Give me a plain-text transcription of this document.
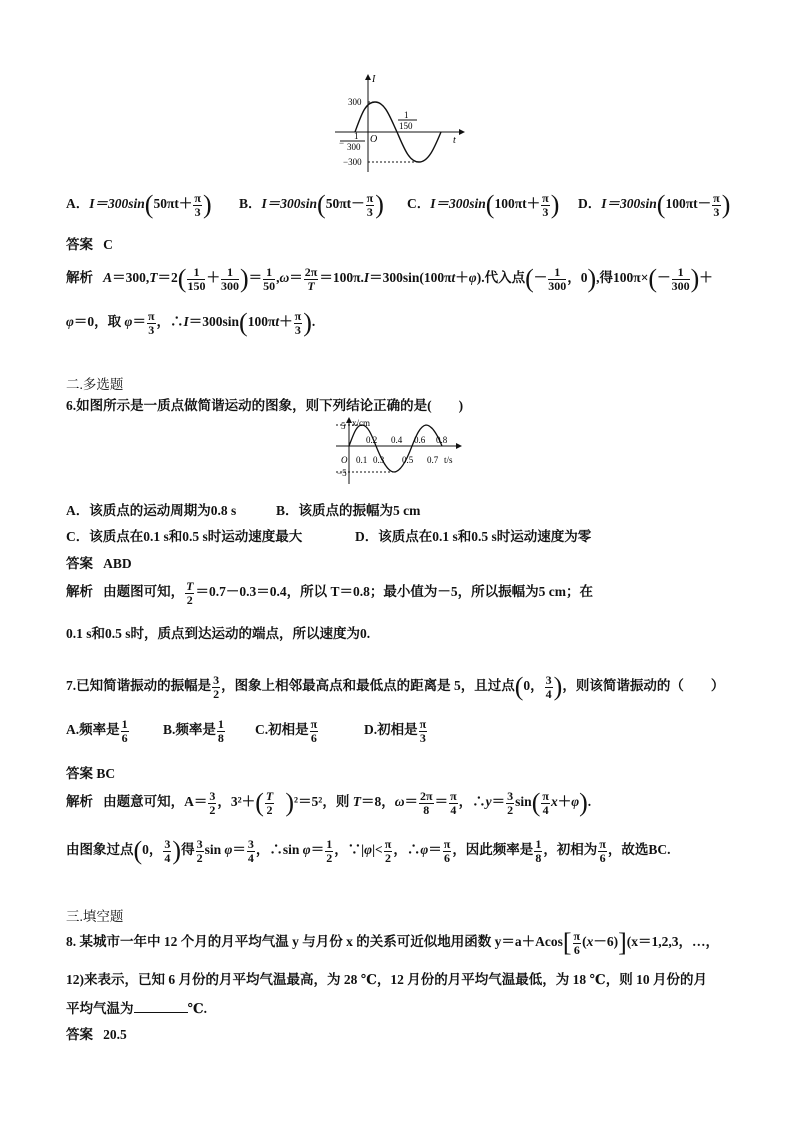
I
t
300
−300
O
1
150
1
− 300
A．$I=300\sin(50\pi t+ \frac{\pi}{3}$ ) B．$I=300\sin(50\pi t- \frac{\pi}{3}$ ) C．$I=300\sin(100\pi t+ \frac{\pi}{3}$ ) D．$I=300\sin(100\pi t- \frac{\pi}{3}$ )
答案 C
解析 $A=300,T=2( \frac{1}{150} + \frac{1}{300}$ )＝ $\frac{1}{50} ,\omega= \frac{2\pi}{T} =100\pi.I=300\sin(100\pi t+\varphi)$.代入点(－ $\frac{1}{300}$ ，0),得$100\pi\times(- \frac{1}{300}$ )＋
φ＝0，取 $\varphi= \frac{\pi}{3}$ ，∴I＝300sin(100πt＋ $\frac{\pi}{3}$ ).
二.多选题
6.如图所示是一质点做简谐运动的图象，则下列结论正确的是(　　)
x/cm
t/s
5
−5
O
0.2 0.4 0.6 0.8
0.1 0.3 0.5 0.7
A．该质点的运动周期为0.8 s	B．该质点的振幅为5 cm
C．该质点在0.1 s和0.5 s时运动速度最大	D．该质点在0.1 s和0.5 s时运动速度为零
答案 ABD
解析 由题图可知， $\frac{T}{2} =0.7-0.3=0.4$，所以 T＝0.8；最小值为－5，所以振幅为5 cm；在
0.1 s和0.5 s时，质点到达运动的端点，所以速度为0.
7.已知简谐振动的振幅是 $\frac{3}{2}$ ，图象上相邻最高点和最低点的距离是 5，且过点(0， $\frac{3}{4}$ )，则该简谐振动的（　　）
A.频率是 $\frac{1}{6}$	B.频率是 $\frac{1}{8} C$.初相是 $\frac{\pi}{6}$	D.初相是 $\frac{\pi}{3}$
答案 BC
解析 由题意可知，$A= \frac{3}{2}$ ，$3^2+( \frac{T}{2} )^2=5^2$，则 T＝8，$\omega= \frac{2\pi}{8} = \frac{\pi}{4}$ ，∴y＝ $\frac{3}{2} \sin( \frac{\pi}{4} x+\varphi)$.
由图象过点(0， $\frac{3}{4}$ )得 $\frac{3}{2}$ $\sin \varphi= \frac{3}{4}$ ，∴sin $\varphi= \frac{1}{2}$ ，∵|φ|< $\frac{\pi}{2}$ ，∴φ＝ $\frac{\pi}{6}$ ，因此频率是 $\frac{1}{8}$ ，初相为 $\frac{\pi}{6}$ ，故选BC.
三.填空题
8. 某城市一年中 12 个月的月平均气温 y 与月份 x 的关系可近似地用函数 $y=a+Acos[ \frac{\pi}{6} (x-6)](x=1,2,3$，…，
12)来表示，已知 6 月份的月平均气温最高，为 28 ℃，12 月份的月平均气温最低，为 18 ℃，则 10 月份的月
平均气温为	℃.
答案 20.5
